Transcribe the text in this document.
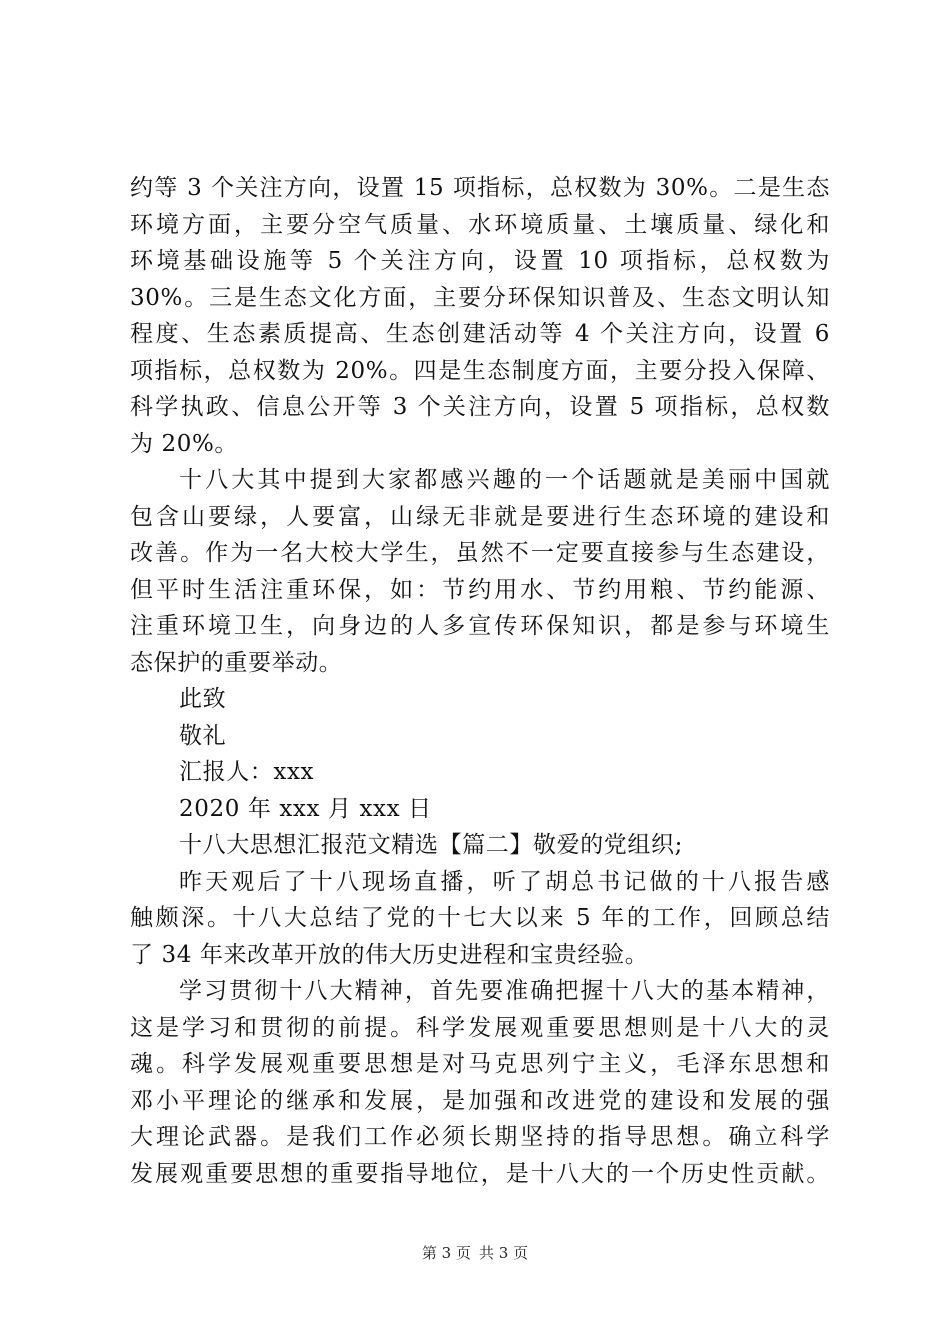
约等 3 个关注方向，设置 15 项指标，总权数为 30%。二是生态
环境方面，主要分空气质量、水环境质量、土壤质量、绿化和
环境基础设施等 5 个关注方向，设置 10 项指标，总权数为
30%。三是生态文化方面，主要分环保知识普及、生态文明认知
程度、生态素质提高、生态创建活动等 4 个关注方向，设置 6
项指标，总权数为 20%。四是生态制度方面，主要分投入保障、
科学执政、信息公开等 3 个关注方向，设置 5 项指标，总权数
为 20%。
十八大其中提到大家都感兴趣的一个话题就是美丽中国就
包含山要绿，人要富，山绿无非就是要进行生态环境的建设和
改善。作为一名大校大学生，虽然不一定要直接参与生态建设，
但平时生活注重环保，如：节约用水、节约用粮、节约能源、
注重环境卫生，向身边的人多宣传环保知识，都是参与环境生
态保护的重要举动。
此致
敬礼
汇报人：xxx
2020 年 xxx 月 xxx 日
十八大思想汇报范文精选【篇二】敬爱的党组织;
昨天观后了十八现场直播，听了胡总书记做的十八报告感
触颇深。十八大总结了党的十七大以来 5 年的工作，回顾总结
了 34 年来改革开放的伟大历史进程和宝贵经验。
学习贯彻十八大精神，首先要准确把握十八大的基本精神，
这是学习和贯彻的前提。科学发展观重要思想则是十八大的灵
魂。科学发展观重要思想是对马克思列宁主义，毛泽东思想和
邓小平理论的继承和发展，是加强和改进党的建设和发展的强
大理论武器。是我们工作必须长期坚持的指导思想。确立科学
发展观重要思想的重要指导地位，是十八大的一个历史性贡献。
第 3 页 共 3 页
